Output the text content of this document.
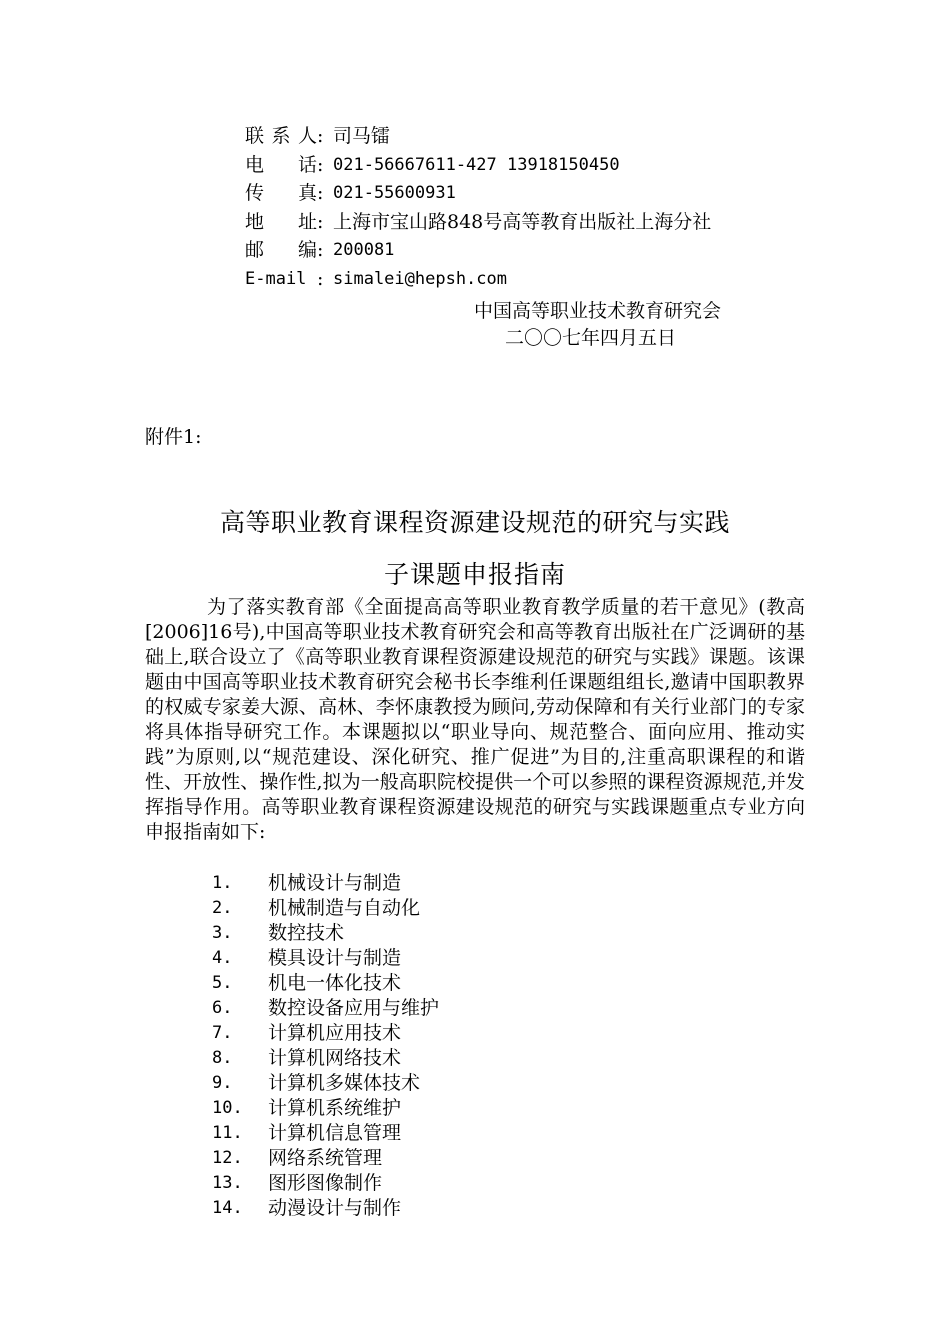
联系人 : 司马镭
电话 : 021-56667611-427 13918150450
传真 : 021-55600931
地址 : 上海市宝山路848号高等教育出版社上海分社
邮编 : 200081
E-mail : simalei@hepsh.com
中国高等职业技术教育研究会
二〇〇七年四月五日
附件1:
高等职业教育课程资源建设规范的研究与实践
子课题申报指南

为了落实教育部《全面提高高等职业教育教学质量的若干意见》(教高[2006]16号),中国高等职业技术教育研究会和高等教育出版社在广泛调研的基础上,联合设立了《高等职业教育课程资源建设规范的研究与实践》课题。该课题由中国高等职业技术教育研究会秘书长李维利任课题组组长,邀请中国职教界的权威专家姜大源、高林、李怀康教授为顾问,劳动保障和有关行业部门的专家将具体指导研究工作。本课题拟以“职业导向、规范整合、面向应用、推动实践”为原则,以“规范建设、深化研究、推广促进”为目的,注重高职课程的和谐性、开放性、操作性,拟为一般高职院校提供一个可以参照的课程资源规范,并发挥指导作用。高等职业教育课程资源建设规范的研究与实践课题重点专业方向申报指南如下:

1.	机械设计与制造
2.	机械制造与自动化
3.	数控技术
4.	模具设计与制造
5.	机电一体化技术
6.	数控设备应用与维护
7.	计算机应用技术
8.	计算机网络技术
9.	计算机多媒体技术
10.	计算机系统维护
11.	计算机信息管理
12.	网络系统管理
13.	图形图像制作
14.	动漫设计与制作
